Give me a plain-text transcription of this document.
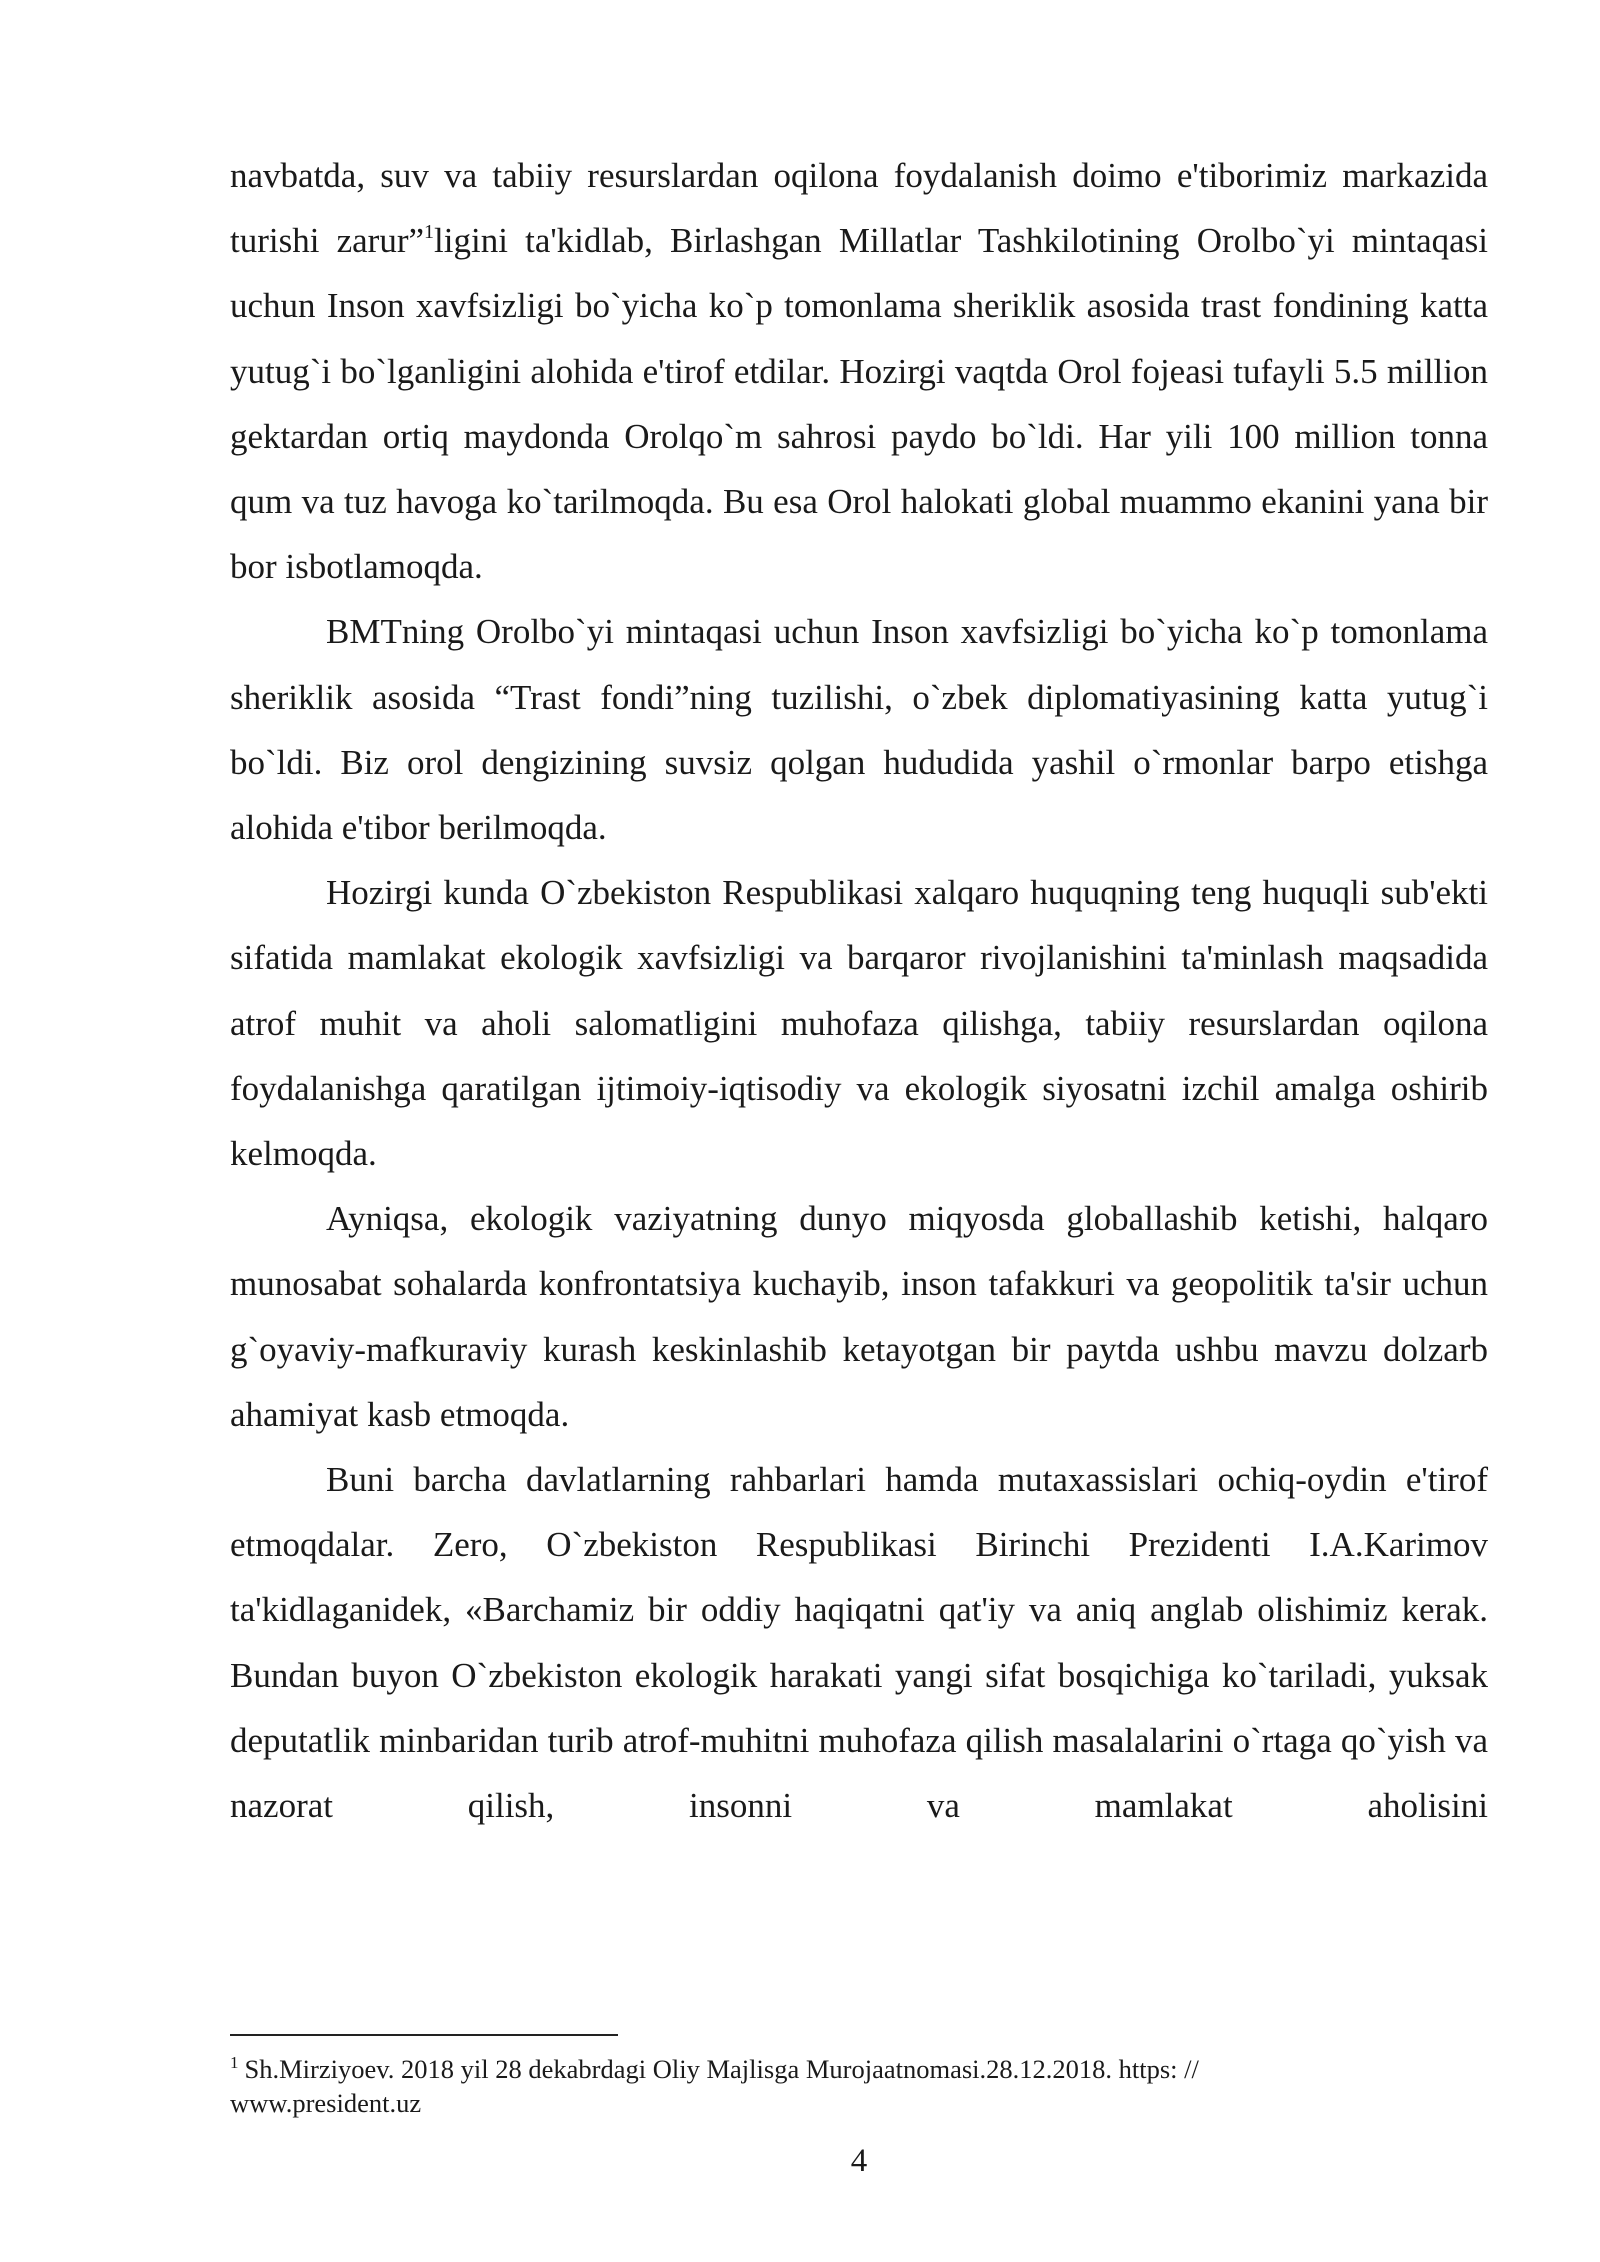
navbatda, suv va tabiiy resurslardan oqilona foydalanish doimo e'tiborimiz markazida turishi zarur”$^1$ligini ta'kidlab, Birlashgan Millatlar Tashkilotining Orolbo`yi mintaqasi uchun Inson xavfsizligi bo`yicha ko`p tomonlama sheriklik asosida trast fondining katta yutug`i bo`lganligini alohida e'tirof etdilar. Hozirgi vaqtda Orol fojeasi tufayli 5.5 million gektardan ortiq maydonda Orolqo`m sahrosi paydo bo`ldi. Har yili 100 million tonna qum va tuz havoga ko`tarilmoqda. Bu esa Orol halokati global muammo ekanini yana bir bor isbotlamoqda.

BMTning Orolbo`yi mintaqasi uchun Inson xavfsizligi bo`yicha ko`p tomonlama sheriklik asosida “Trast fondi”ning tuzilishi, o`zbek diplomatiyasining katta yutug`i bo`ldi. Biz orol dengizining suvsiz qolgan hududida yashil o`rmonlar barpo etishga alohida e'tibor berilmoqda.

Hozirgi kunda O`zbekiston Respublikasi xalqaro huquqning teng huquqli sub'ekti sifatida mamlakat ekologik xavfsizligi va barqaror rivojlanishini ta'minlash maqsadida atrof muhit va aholi salomatligini muhofaza qilishga, tabiiy resurslardan oqilona foydalanishga qaratilgan ijtimoiy-iqtisodiy va ekologik siyosatni izchil amalga oshirib kelmoqda.

Ayniqsa, ekologik vaziyatning dunyo miqyosda globallashib ketishi, halqaro munosabat sohalarda konfrontatsiya kuchayib, inson tafakkuri va geopolitik ta'sir uchun g`oyaviy-mafkuraviy kurash keskinlashib ketayotgan bir paytda ushbu mavzu dolzarb ahamiyat kasb etmoqda.

Buni barcha davlatlarning rahbarlari hamda mutaxassislari ochiq-oydin e'tirof etmoqdalar. Zero, O`zbekiston Respublikasi Birinchi Prezidenti I.A.Karimov ta'kidlaganidek, «Barchamiz bir oddiy haqiqatni qat'iy va aniq anglab olishimiz kerak. Bundan buyon O`zbekiston ekologik harakati yangi sifat bosqichiga ko`tariladi, yuksak deputatlik minbaridan turib atrof-muhitni muhofaza qilish masalalarini o`rtaga qo`yish va nazorat qilish, insonni va mamlakat aholisini

$^1$ Sh.Mirziyoev. 2018 yil 28 dekabrdagi Oliy Majlisga Murojaatnomasi.28.12.2018. https: // www.president.uz

4
